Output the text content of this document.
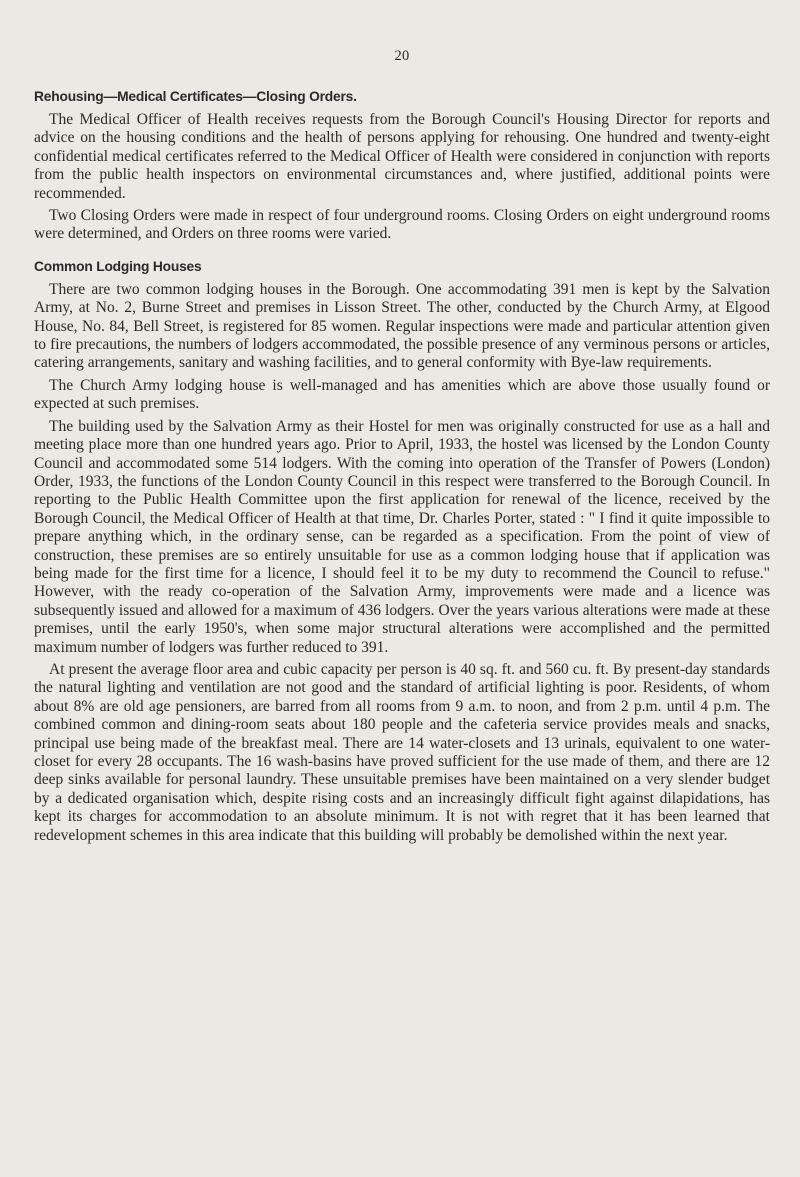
20
Rehousing—Medical Certificates—Closing Orders.

The Medical Officer of Health receives requests from the Borough Council's Housing Director for reports and advice on the housing conditions and the health of persons applying for rehousing. One hundred and twenty-eight confidential medical certificates referred to the Medical Officer of Health were considered in conjunction with reports from the public health inspectors on environmental circumstances and, where justified, additional points were recommended.

Two Closing Orders were made in respect of four underground rooms. Closing Orders on eight underground rooms were determined, and Orders on three rooms were varied.

Common Lodging Houses

There are two common lodging houses in the Borough. One accommodating 391 men is kept by the Salvation Army, at No. 2, Burne Street and premises in Lisson Street. The other, conducted by the Church Army, at Elgood House, No. 84, Bell Street, is registered for 85 women. Regular inspections were made and particular attention given to fire precautions, the numbers of lodgers accommodated, the possible presence of any verminous persons or articles, catering arrangements, sanitary and washing facilities, and to general conformity with Bye-law requirements.

The Church Army lodging house is well-managed and has amenities which are above those usually found or expected at such premises.

The building used by the Salvation Army as their Hostel for men was originally constructed for use as a hall and meeting place more than one hundred years ago. Prior to April, 1933, the hostel was licensed by the London County Council and accommodated some 514 lodgers. With the coming into operation of the Transfer of Powers (London) Order, 1933, the functions of the London County Council in this respect were transferred to the Borough Council. In reporting to the Public Health Committee upon the first application for renewal of the licence, received by the Borough Council, the Medical Officer of Health at that time, Dr. Charles Porter, stated : " I find it quite impossible to prepare anything which, in the ordinary sense, can be regarded as a specification. From the point of view of construction, these premises are so entirely unsuitable for use as a common lodging house that if application was being made for the first time for a licence, I should feel it to be my duty to recommend the Council to refuse." However, with the ready co-operation of the Salvation Army, improvements were made and a licence was subsequently issued and allowed for a maximum of 436 lodgers. Over the years various alterations were made at these premises, until the early 1950's, when some major structural alterations were accomplished and the permitted maximum number of lodgers was further reduced to 391.

At present the average floor area and cubic capacity per person is 40 sq. ft. and 560 cu. ft. By present-day standards the natural lighting and ventilation are not good and the standard of artificial lighting is poor. Residents, of whom about 8% are old age pensioners, are barred from all rooms from 9 a.m. to noon, and from 2 p.m. until 4 p.m. The combined common and dining-room seats about 180 people and the cafeteria service provides meals and snacks, principal use being made of the breakfast meal. There are 14 water-closets and 13 urinals, equivalent to one water-closet for every 28 occupants. The 16 wash-basins have proved sufficient for the use made of them, and there are 12 deep sinks available for personal laundry. These unsuitable premises have been maintained on a very slender budget by a dedicated organisation which, despite rising costs and an increasingly difficult fight against dilapidations, has kept its charges for accommodation to an absolute minimum. It is not with regret that it has been learned that redevelopment schemes in this area indicate that this building will probably be demolished within the next year.
